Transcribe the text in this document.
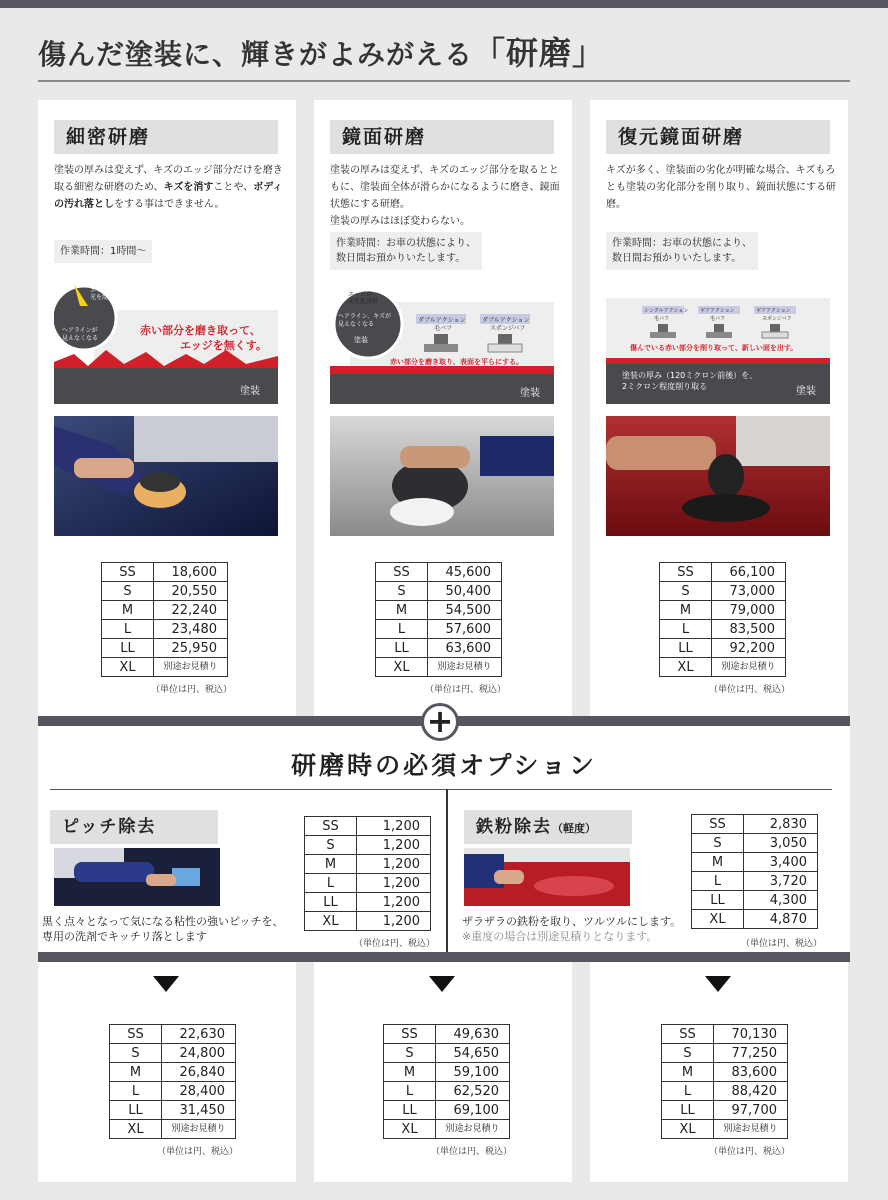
傷んだ塗装に、輝きがよみがえる「研磨」
細密研磨
塗装の厚みは変えず、キズのエッジ部分だけを磨き取る細密な研磨のため、キズを消すことや、ボディの汚れ落としをする事はできません。
作業時間：1時間〜
エッジが
光を乱反射
ヘアラインが
見えなくなる
赤い部分を磨き取って、
エッジを無くす。
塗装
SS	18,600
S	20,550
M	22,240
L	23,480
LL	25,950
XL	別途お見積り
（単位は円、税込）
鏡面研磨
塗装の厚みは変えず、キズのエッジ部分を取るとともに、塗装面全体が滑らかになるように磨き、鏡面状態にする研磨。
塗装の厚みはほぼ変わらない。
作業時間：お車の状態により、
数日間お預かりいたします。
エッジが
光を乱反射
ヘアライン、キズが
見えなくなる
塗装
ダブルアクション
毛バフ
ダブルアクション
スポンジバフ
赤い部分を磨き取り、表面を平らにする。
塗装
SS	45,600
S	50,400
M	54,500
L	57,600
LL	63,600
XL	別途お見積り
（単位は円、税込）
復元鏡面研磨
キズが多く、塗装面の劣化が明確な場合、キズもろとも塗装の劣化部分を削り取り、鏡面状態にする研磨。
作業時間：お車の状態により、
数日間お預かりいたします。
シングルアクション
毛バフ
ギアアクション
毛バフ
ギアアクション
スポンジバフ
傷んでいる赤い部分を削り取って、新しい面を出す。
塗装の厚み（120ミクロン前後）を、
2ミクロン程度削り取る	塗装
SS	66,100
S	73,000
M	79,000
L	83,500
LL	92,200
XL	別途お見積り
（単位は円、税込）
研磨時の必須オプション
ピッチ除去
黒く点々となって気になる粘性の強いピッチを、
専用の洗剤でキッチリ落とします
SS	1,200
S	1,200
M	1,200
L	1,200
LL	1,200
XL	1,200
（単位は円、税込）
鉄粉除去（軽度）
ザラザラの鉄粉を取り、ツルツルにします。
※重度の場合は別途見積りとなります。
SS	2,830
S	3,050
M	3,400
L	3,720
LL	4,300
XL	4,870
（単位は円、税込）
+
SS	22,630
S	24,800
M	26,840
L	28,400
LL	31,450
XL	別途お見積り
（単位は円、税込）
SS	49,630
S	54,650
M	59,100
L	62,520
LL	69,100
XL	別途お見積り
（単位は円、税込）
SS	70,130
S	77,250
M	83,600
L	88,420
LL	97,700
XL	別途お見積り
（単位は円、税込）
